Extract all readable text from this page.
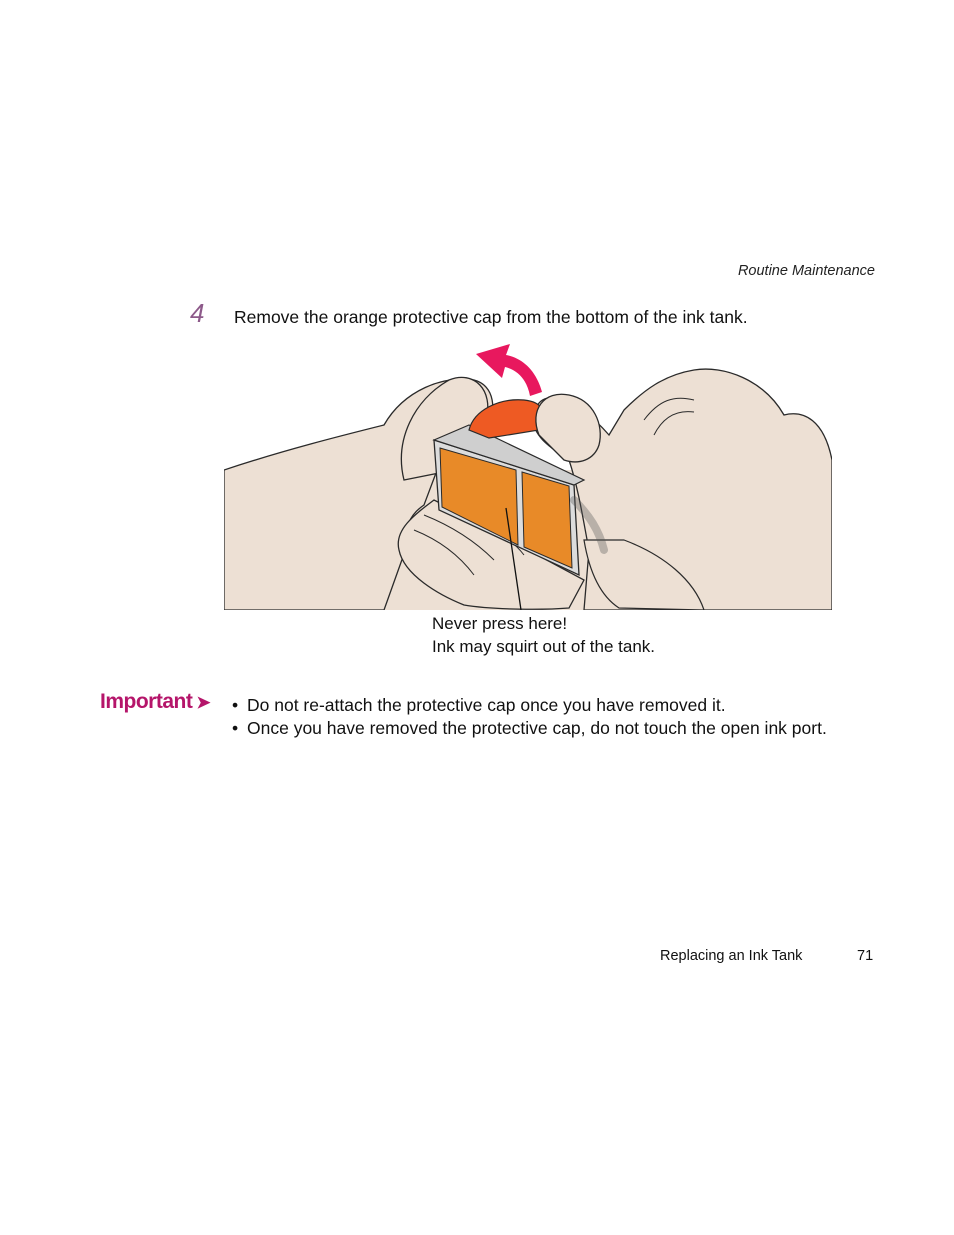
Routine Maintenance
4 Remove the orange protective cap from the bottom of the ink tank.
Never press here!
Ink may squirt out of the tank.
Important ➤ • Do not re-attach the protective cap once you have removed it.
• Once you have removed the protective cap, do not touch the open ink port.
Replacing an Ink Tank	71
